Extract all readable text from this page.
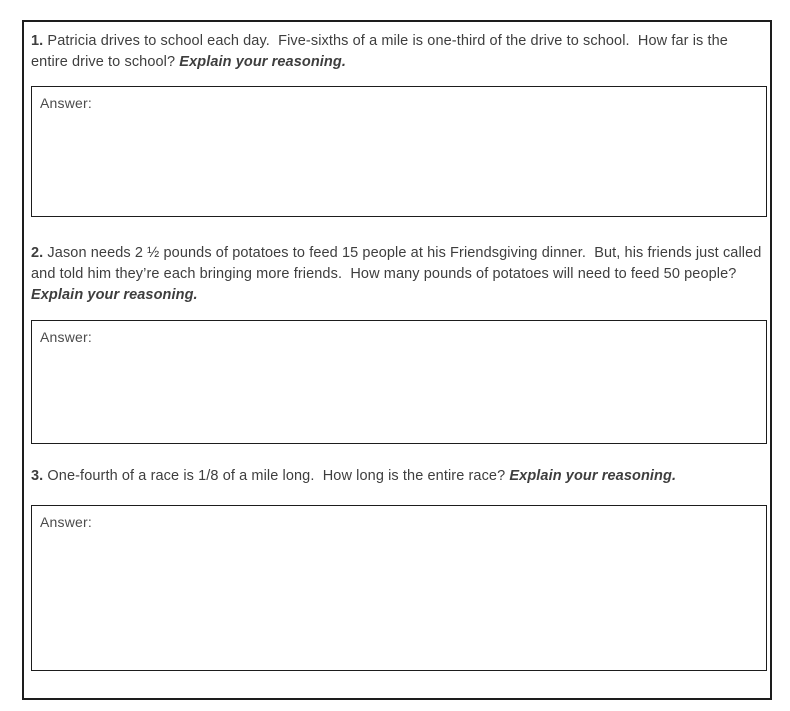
1. Patricia drives to school each day.  Five-sixths of a mile is one-third of the drive to school.  How far is the entire drive to school? Explain your reasoning.

Answer:

2. Jason needs 2 ½ pounds of potatoes to feed 15 people at his Friendsgiving dinner.  But, his friends just called and told him they’re each bringing more friends.  How many pounds of potatoes will need to feed 50 people? Explain your reasoning.

Answer:

3. One-fourth of a race is 1/8 of a mile long.  How long is the entire race? Explain your reasoning.

Answer:
